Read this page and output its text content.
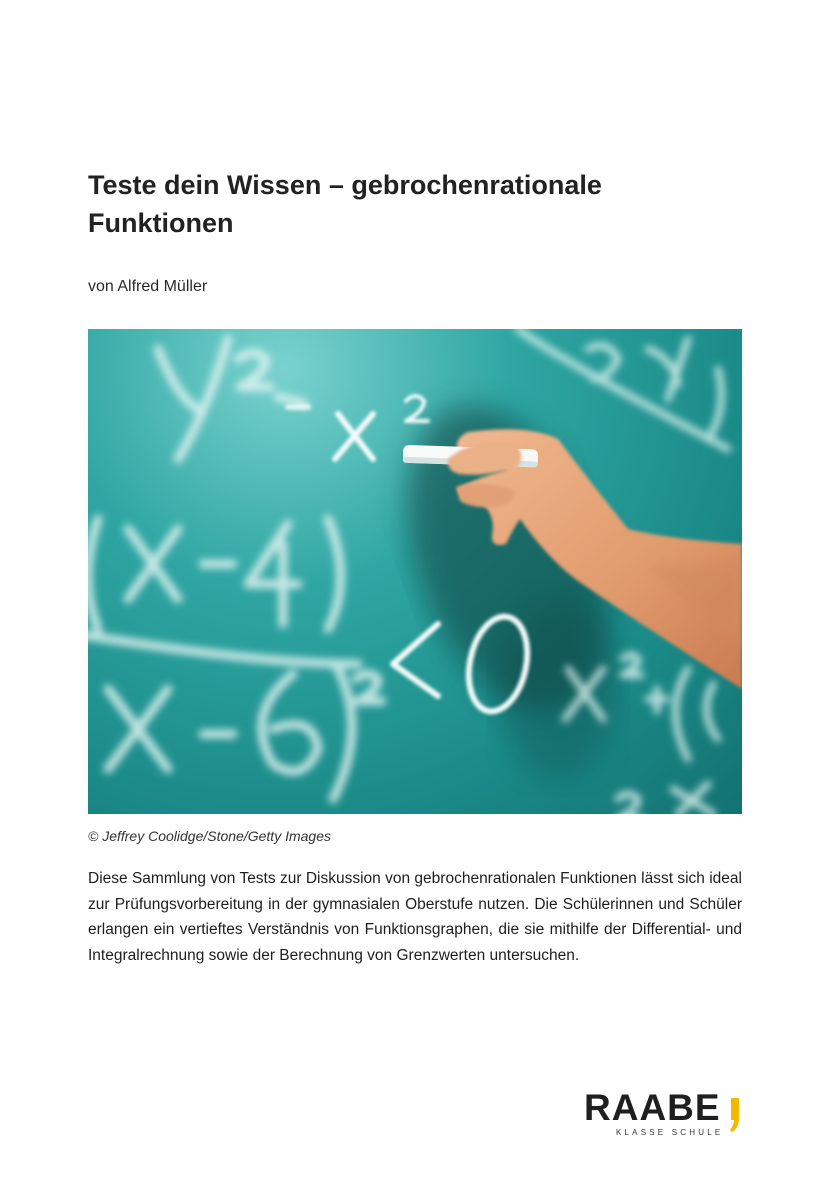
Teste dein Wissen – gebrochenrationale
Funktionen
von Alfred Müller
© Jeffrey Coolidge/Stone/Getty Images
Diese Sammlung von Tests zur Diskussion von gebrochenrationalen Funktionen lässt sich ideal zur Prüfungsvorbereitung in der gymnasialen Oberstufe nutzen. Die Schülerinnen und Schüler erlangen ein vertieftes Verständnis von Funktionsgraphen, die sie mithilfe der Differential- und Integralrechnung sowie der Berechnung von Grenzwerten untersuchen.
RAABE
KLASSE SCHULE
